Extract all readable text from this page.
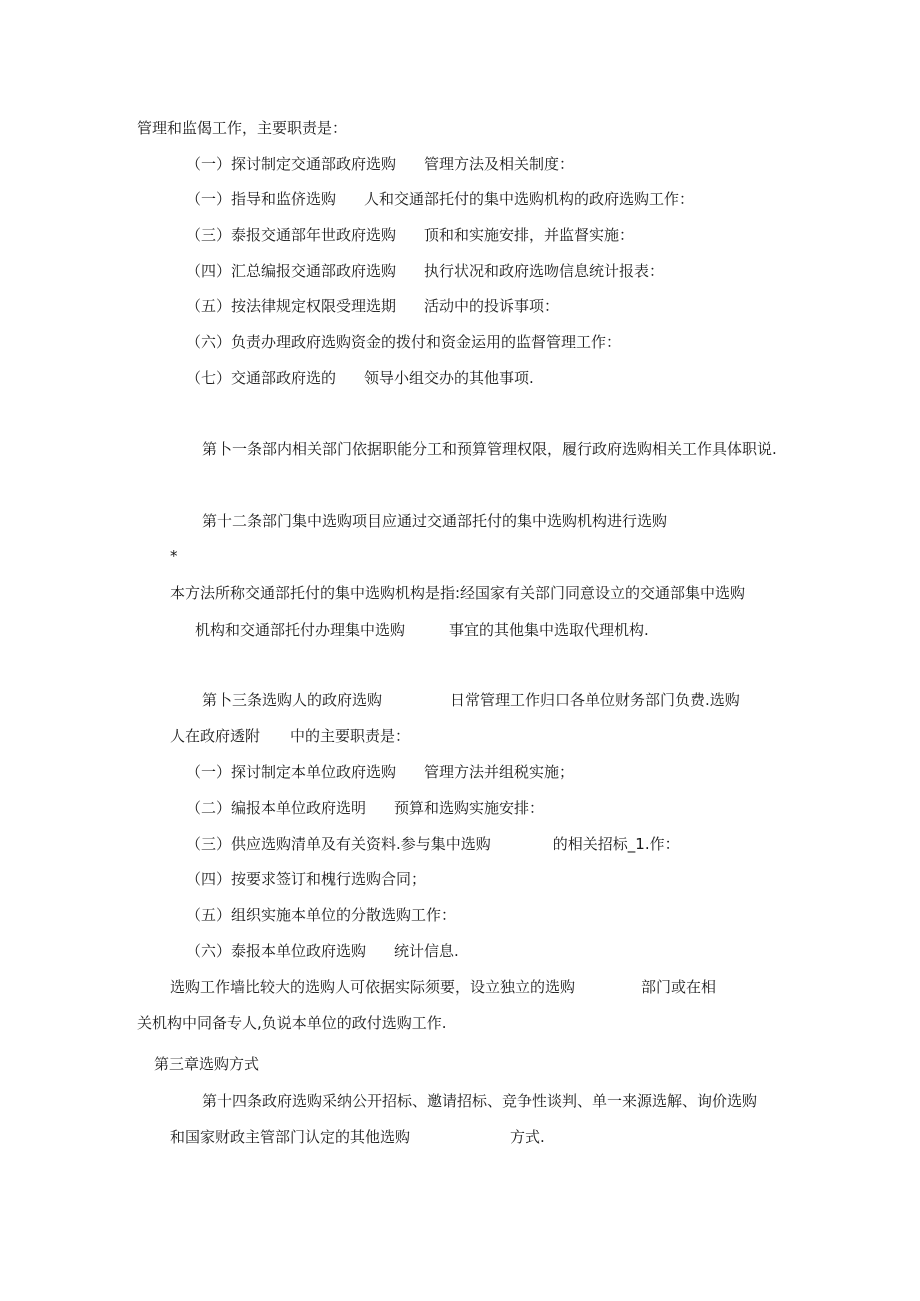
管理和监偈工作，主要职责是：

（一）探讨制定交通部政府选购 管理方法及相关制度：

（一）指导和监侪选购 人和交通部托付的集中选购机构的政府选购工作：

（三）泰报交通部年世政府选购 顶和和实施安排，并监督实施：

（四）汇总编报交通部政府选购 执行状况和政府选吻信息统计报表：

（五）按法律规定权限受理选期 活动中的投诉事项：

（六）负责办理政府选购资金的拨付和资金运用的监督管理工作：

（七）交通部政府选的 领导小组交办的其他事项.

第卜一条部内相关部门依据职能分工和预算管理权限，履行政府选购相关工作具体职说.

第十二条部门集中选购项目应通过交通部托付的集中选购机构进行选购

*

本方法所称交通部托付的集中选购机构是指:经国家有关部门同意设立的交通部集中选购

机构和交通部托付办理集中选购	事宜的其他集中选取代理机构.

第卜三条选购人的政府选购	日常管理工作归口各单位财务部门负费.选购

人在政府透附 中的主要职责是：

（一）探讨制定本单位政府选购 管理方法并组税实施；

（二）编报本单位政府选明 预算和选购实施安排：

（三）供应选购清单及有关资料.参与集中选购	的相关招标_1.作：

（四）按要求签订和槐行选购合同；

（五）组织实施本单位的分散选购工作：

（六）泰报本单位政府选购 统计信息.

选购工作墙比较大的选购人可依据实际须要，设立独立的选购	部门或在相

关机构中同备专人,负说本单位的政付选购工作.

第三章选购方式

第十四条政府选购采纳公开招标、邀请招标、竞争性谈判、单一来源选解、询价选购

和国家财政主管部门认定的其他选购	方式.
